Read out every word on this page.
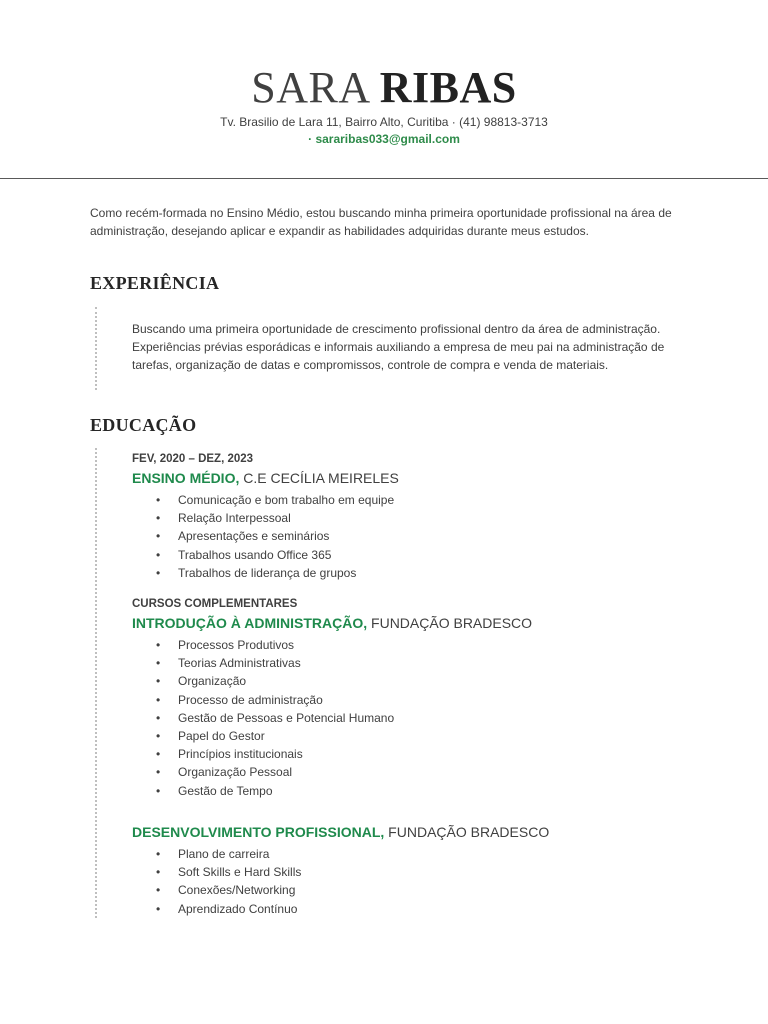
SARA RIBAS
Tv. Brasilio de Lara 11, Bairro Alto, Curitiba · (41) 98813-3713
· sararibas033@gmail.com
Como recém-formada no Ensino Médio, estou buscando minha primeira oportunidade profissional na área de administração, desejando aplicar e expandir as habilidades adquiridas durante meus estudos.
EXPERIÊNCIA
Buscando uma primeira oportunidade de crescimento profissional dentro da área de administração. Experiências prévias esporádicas e informais auxiliando a empresa de meu pai na administração de tarefas, organização de datas e compromissos, controle de compra e venda de materiais.
EDUCAÇÃO
FEV, 2020 – DEZ, 2023
ENSINO MÉDIO, C.E CECÍLIA MEIRELES
• Comunicação e bom trabalho em equipe
• Relação Interpessoal
• Apresentações e seminários
• Trabalhos usando Office 365
• Trabalhos de liderança de grupos
CURSOS COMPLEMENTARES
INTRODUÇÃO À ADMINISTRAÇÃO, FUNDAÇÃO BRADESCO
• Processos Produtivos
• Teorias Administrativas
• Organização
• Processo de administração
• Gestão de Pessoas e Potencial Humano
• Papel do Gestor
• Princípios institucionais
• Organização Pessoal
• Gestão de Tempo
DESENVOLVIMENTO PROFISSIONAL, FUNDAÇÃO BRADESCO
• Plano de carreira
• Soft Skills e Hard Skills
• Conexões/Networking
• Aprendizado Contínuo
